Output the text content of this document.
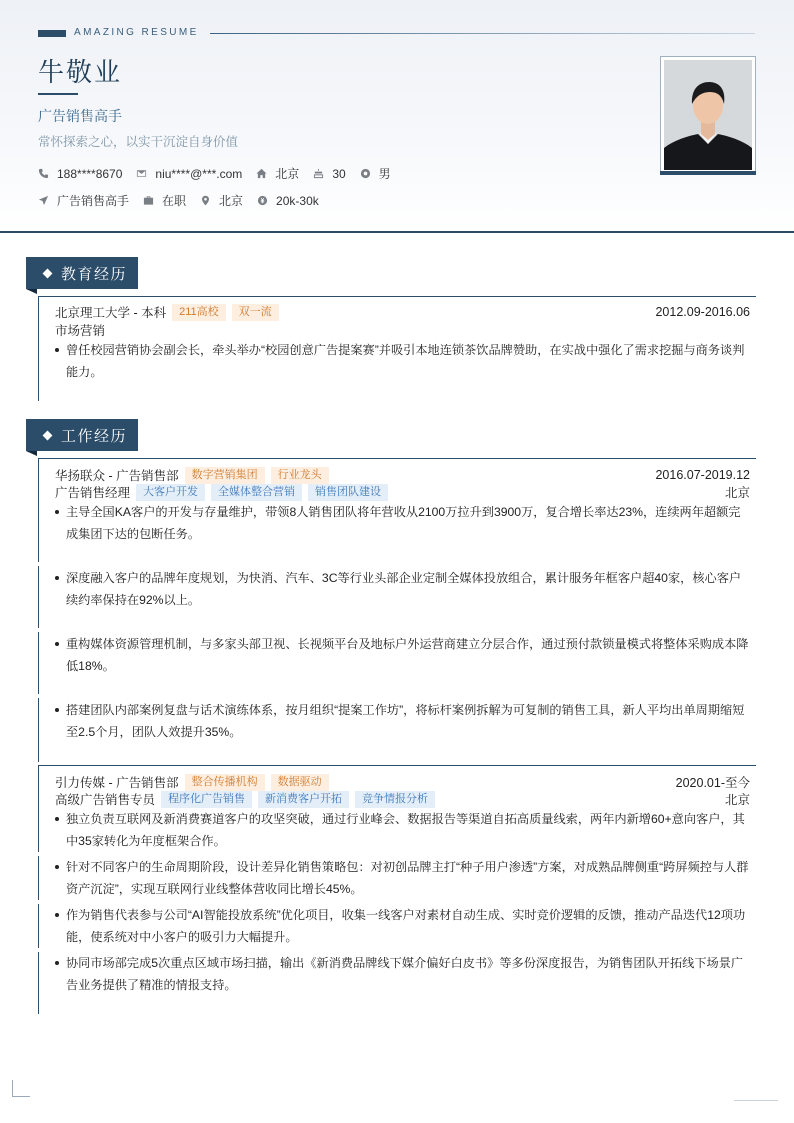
AMAZING RESUME
牛敬业
广告销售高手
常怀探索之心，以实干沉淀自身价值
188****8670	niu****@***.com	北京	30	男
广告销售高手	在职	北京	20k-30k
教育经历
北京理工大学 - 本科	211高校	双一流	2012.09-2016.06
市场营销
曾任校园营销协会副会长，牵头举办“校园创意广告提案赛”并吸引本地连锁茶饮品牌赞助，在实战中强化了需求挖掘与商务谈判能力。
工作经历
华扬联众 - 广告销售部	数字营销集团	行业龙头	2016.07-2019.12
广告销售经理	大客户开发	全媒体整合营销	销售团队建设	北京
主导全国KA客户的开发与存量维护，带领8人销售团队将年营收从2100万拉升到3900万，复合增长率达23%，连续两年超额完成集团下达的包断任务。
深度融入客户的品牌年度规划，为快消、汽车、3C等行业头部企业定制全媒体投放组合，累计服务年框客户超40家，核心客户续约率保持在92%以上。
重构媒体资源管理机制，与多家头部卫视、长视频平台及地标户外运营商建立分层合作，通过预付款锁量模式将整体采购成本降低18%。
搭建团队内部案例复盘与话术演练体系，按月组织“提案工作坊”，将标杆案例拆解为可复制的销售工具，新人平均出单周期缩短至2.5个月，团队人效提升35%。
引力传媒 - 广告销售部	整合传播机构	数据驱动	2020.01-至今
高级广告销售专员	程序化广告销售	新消费客户开拓	竞争情报分析	北京
独立负责互联网及新消费赛道客户的攻坚突破，通过行业峰会、数据报告等渠道自拓高质量线索，两年内新增60+意向客户，其中35家转化为年度框架合作。
针对不同客户的生命周期阶段，设计差异化销售策略包：对初创品牌主打“种子用户渗透”方案，对成熟品牌侧重“跨屏频控与人群资产沉淀”，实现互联网行业线整体营收同比增长45%。
作为销售代表参与公司“AI智能投放系统”优化项目，收集一线客户对素材自动生成、实时竞价逻辑的反馈，推动产品迭代12项功能，使系统对中小客户的吸引力大幅提升。
协同市场部完成5次重点区域市场扫描，输出《新消费品牌线下媒介偏好白皮书》等多份深度报告，为销售团队开拓线下场景广告业务提供了精准的情报支持。
